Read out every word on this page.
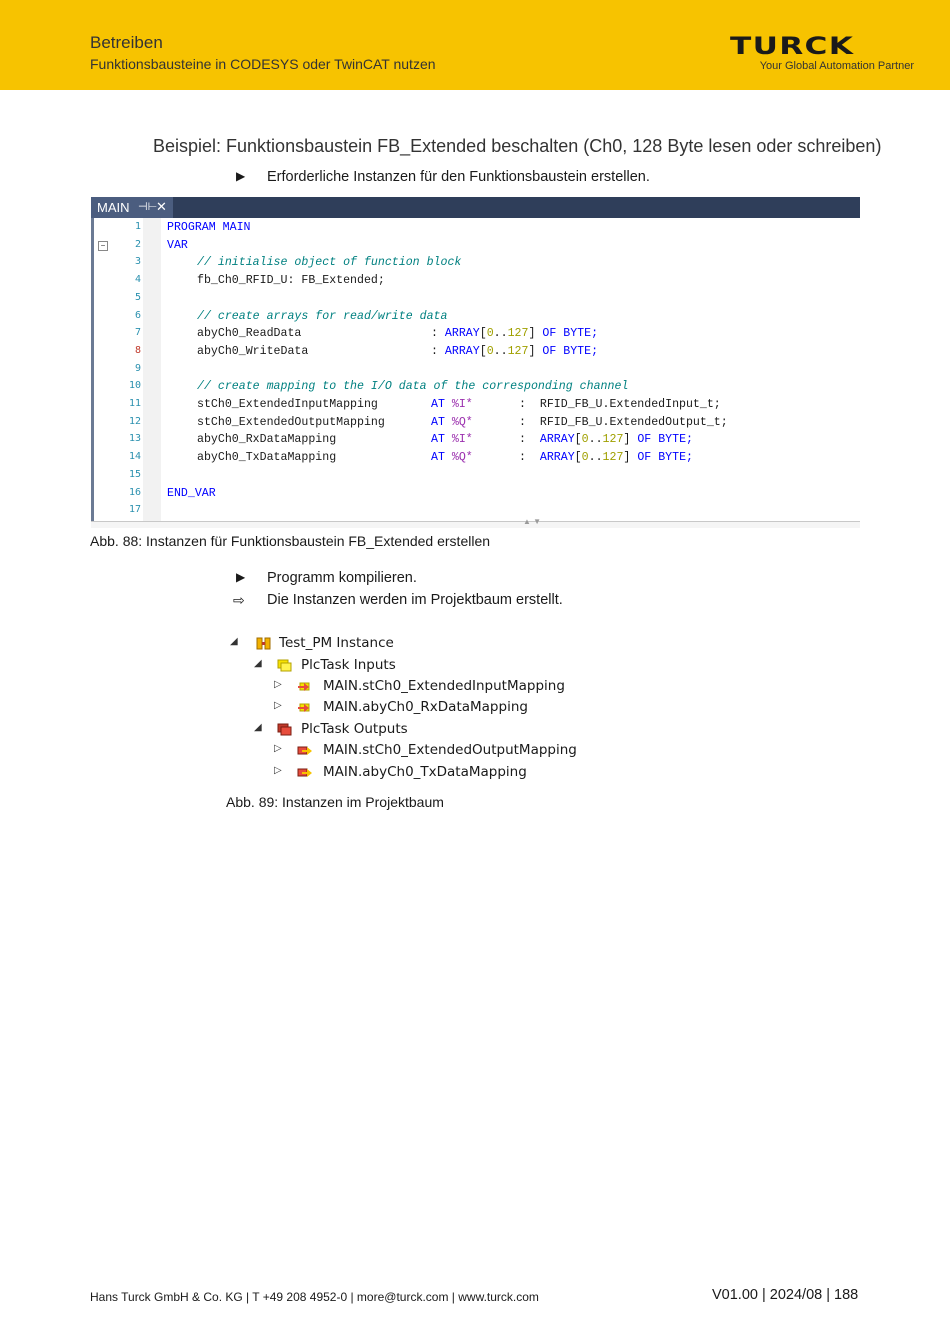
Betreiben
Funktionsbausteine in CODESYS oder TwinCAT nutzen
TURCK
Your Global Automation Partner
Beispiel: Funktionsbaustein FB_Extended beschalten (Ch0, 128 Byte lesen oder schreiben)
▶	Erforderliche Instanzen für den Funktionsbaustein erstellen.
MAIN ⊣⊢
✕
−
1
2
3
4
5
6
7
8
9
10
11
12
13
14
15
16
17
PROGRAM MAIN
VAR
// initialise object of function block
fb_Ch0_RFID_U: FB_Extended;
// create arrays for read/write data
abyCh0_ReadData	: ARRAY[0..127] OF BYTE;
abyCh0_WriteData	: ARRAY[0..127] OF BYTE;
// create mapping to the I/O data of the corresponding channel
stCh0_ExtendedInputMapping	AT %I*	:  RFID_FB_U.ExtendedInput_t;
stCh0_ExtendedOutputMapping	AT %Q*	:  RFID_FB_U.ExtendedOutput_t;
abyCh0_RxDataMapping	AT %I*	:  ARRAY[0..127] OF BYTE;
abyCh0_TxDataMapping	AT %Q*	:  ARRAY[0..127] OF BYTE;
END_VAR
▲ ▼
Abb. 88: Instanzen für Funktionsbaustein FB_Extended erstellen
▶	Programm kompilieren.
⇨	Die Instanzen werden im Projektbaum erstellt.
◢	Test_PM Instance
◢	PlcTask Inputs
▷	MAIN.stCh0_ExtendedInputMapping
▷	MAIN.abyCh0_RxDataMapping
◢	PlcTask Outputs
▷	MAIN.stCh0_ExtendedOutputMapping
▷	MAIN.abyCh0_TxDataMapping
Abb. 89: Instanzen im Projektbaum
Hans Turck GmbH & Co. KG | T +49 208 4952-0 | more@turck.com | www.turck.com	V01.00 | 2024/08 | 188
